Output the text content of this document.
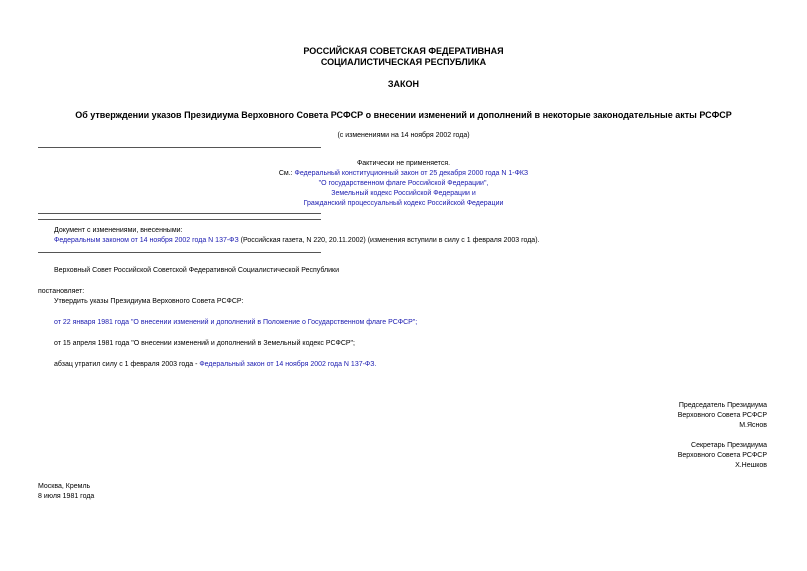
РОССИЙСКАЯ СОВЕТСКАЯ ФЕДЕРАТИВНАЯ
СОЦИАЛИСТИЧЕСКАЯ РЕСПУБЛИКА
ЗАКОН
Об утверждении указов Президиума Верховного Совета РСФСР о внесении изменений и дополнений в некоторые законодательные акты РСФСР
(с изменениями на 14 ноября 2002 года)
Фактически не применяется.
См.: Федеральный конституционный закон от 25 декабря 2000 года N 1-ФКЗ
"О государственном флаге Российской Федерации",
Земельный кодекс Российской Федерации и
Гражданский процессуальный кодекс Российской Федерации
Документ с изменениями, внесенными:
Федеральным законом от 14 ноября 2002 года N 137-ФЗ (Российская газета, N 220, 20.11.2002) (изменения вступили в силу с 1 февраля 2003 года).
Верховный Совет Российской Советской Федеративной Социалистической Республики
постановляет:
Утвердить указы Президиума Верховного Совета РСФСР:
от 22 января 1981 года "О внесении изменений и дополнений в Положение о Государственном флаге РСФСР";
от 15 апреля 1981 года "О внесении изменений и дополнений в Земельный кодекс РСФСР";
абзац утратил силу с 1 февраля 2003 года - Федеральный закон от 14 ноября 2002 года N 137-ФЗ.
Председатель Президиума
Верховного Совета РСФСР
М.Яснов
Секретарь Президиума
Верховного Совета РСФСР
Х.Нешков
Москва, Кремль
8 июля 1981 года
